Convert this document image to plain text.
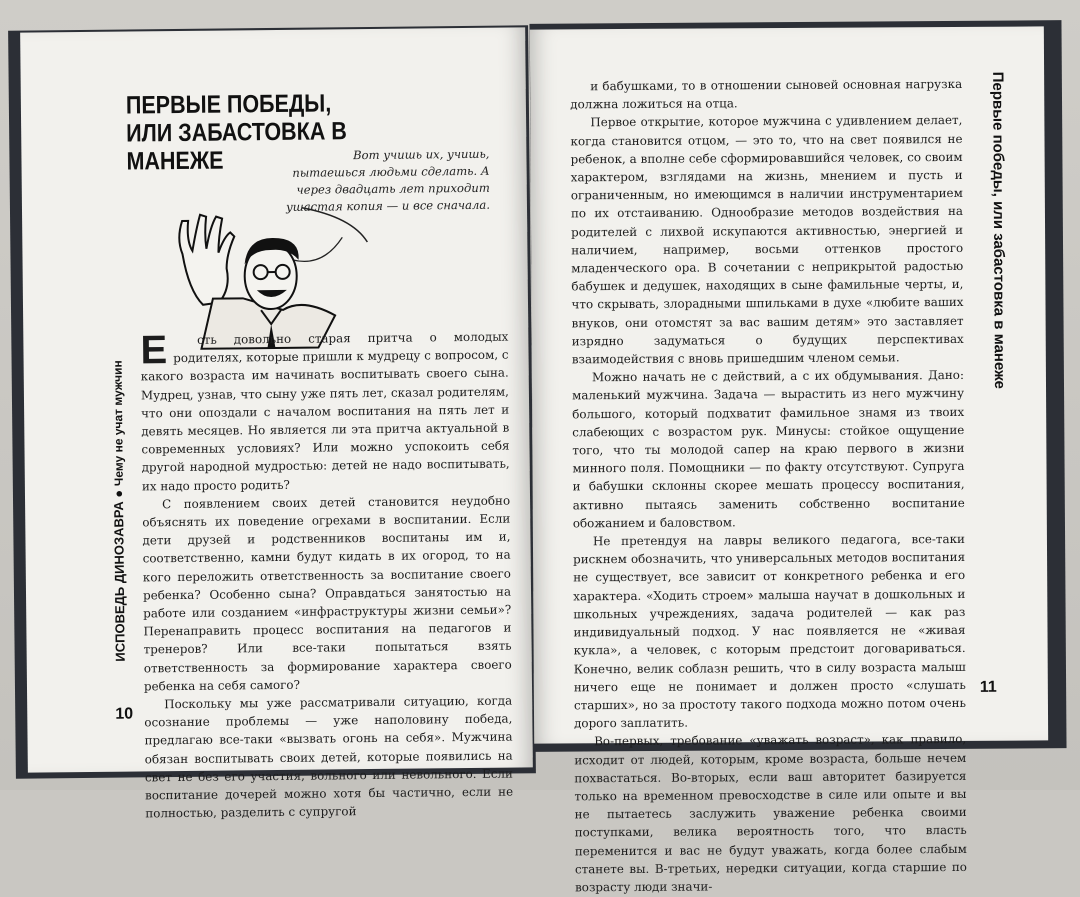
ПЕРВЫЕ ПОБЕДЫ,
ИЛИ ЗАБАСТОВКА В МАНЕЖЕ	Вот учишь их, учишь, пытаешься людьми сделать. А через двадцать лет приходит ушастая копия — и все сначала.

Е сть довольно старая притча о молодых родителях, которые пришли к мудрецу с вопросом, с какого возраста им начинать воспитывать своего сына. Мудрец, узнав, что сыну уже пять лет, сказал родителям, что они опоздали с началом воспитания на пять лет и девять месяцев. Но является ли эта притча актуальной в современных условиях? Или можно успокоить себя другой народной мудростью: детей не надо воспитывать, их надо просто родить?

С появлением своих детей становится неудобно объяснять их поведение огрехами в воспитании. Если дети друзей и родственников воспитаны им и, соответственно, камни будут кидать в их огород, то на кого переложить ответственность за воспитание своего ребенка? Особенно сына? Оправдаться занятостью на работе или созданием «инфраструктуры жизни семьи»? Перенаправить процесс воспитания на педагогов и тренеров? Или все-таки попытаться взять ответственность за формирование характера своего ребенка на себя самого?

Поскольку мы уже рассматривали ситуацию, когда осознание проблемы — уже наполовину победа, предлагаю все-таки «вызвать огонь на себя». Мужчина обязан воспитывать своих детей, которые появились на свет не без его участия, вольного или невольного. Если воспитание дочерей можно хотя бы частично, если не полностью, разделить с супругой

ИСПОВЕДЬ ДИНОЗАВРА ● Чему не учат мужчин
10

и бабушками, то в отношении сыновей основная нагрузка должна ложиться на отца.

Первое открытие, которое мужчина с удивлением делает, когда становится отцом, — это то, что на свет появился не ребенок, а вполне себе сформировавшийся человек, со своим характером, взглядами на жизнь, мнением и пусть и ограниченным, но имеющимся в наличии инструментарием по их отстаиванию. Однообразие методов воздействия на родителей с лихвой искупаются активностью, энергией и наличием, например, восьми оттенков простого младенческого ора. В сочетании с неприкрытой радостью бабушек и дедушек, находящих в сыне фамильные черты, и, что скрывать, злорадными шпильками в духе «любите ваших внуков, они отомстят за вас вашим детям» это заставляет изрядно задуматься о будущих перспективах взаимодействия с вновь пришедшим членом семьи.

Можно начать не с действий, а с их обдумывания. Дано: маленький мужчина. Задача — вырастить из него мужчину большого, который подхватит фамильное знамя из твоих слабеющих с возрастом рук. Минусы: стойкое ощущение того, что ты молодой сапер на краю первого в жизни минного поля. Помощники — по факту отсутствуют. Супруга и бабушки склонны скорее мешать процессу воспитания, активно пытаясь заменить собственно воспитание обожанием и баловством.

Не претендуя на лавры великого педагога, все-таки рискнем обозначить, что универсальных методов воспитания не существует, все зависит от конкретного ребенка и его характера. «Ходить строем» малыша научат в дошкольных и школьных учреждениях, задача родителей — как раз индивидуальный подход. У нас появляется не «живая кукла», а человек, с которым предстоит договариваться. Конечно, велик соблазн решить, что в силу возраста малыш ничего еще не понимает и должен просто «слушать старших», но за простоту такого подхода можно потом очень дорого заплатить.

Во-первых, требование «уважать возраст», как правило, исходит от людей, которым, кроме возраста, больше нечем похвастаться. Во-вторых, если ваш авторитет базируется только на временном превосходстве в силе или опыте и вы не пытаетесь заслужить уважение ребенка своими поступками, велика вероятность того, что власть переменится и вас не будут уважать, когда более слабым станете вы. В-третьих, нередки ситуации, когда старшие по возрасту люди значи-

Первые победы, или забастовка в манеже
11
